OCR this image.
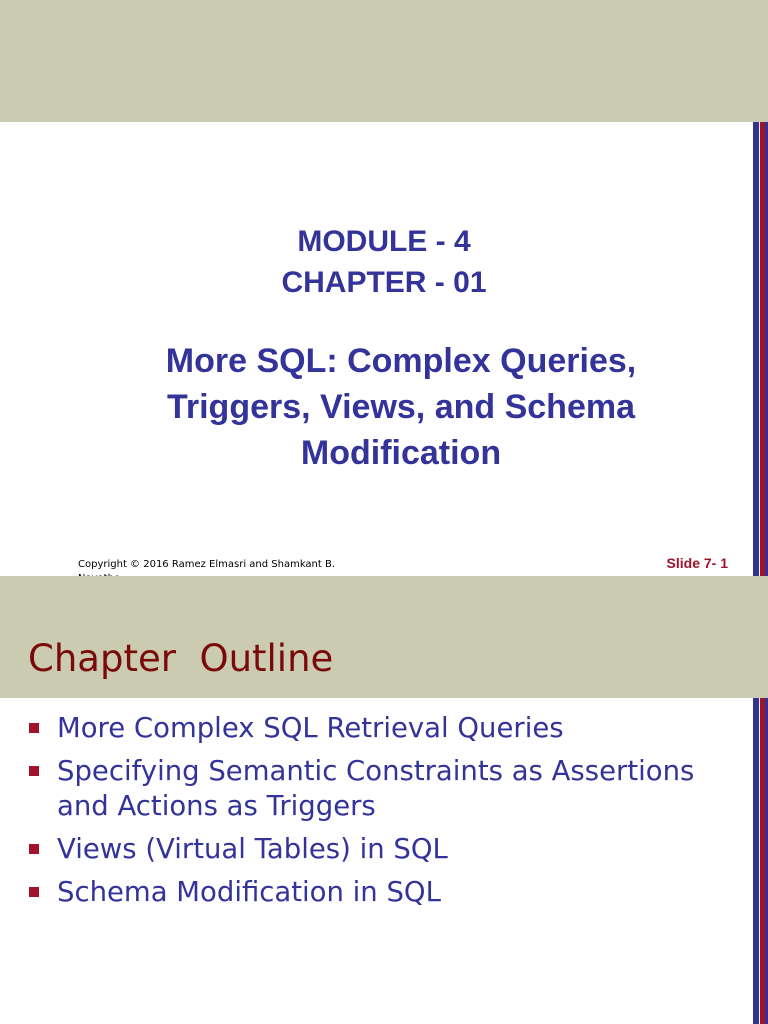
MODULE - 4
CHAPTER - 01
More SQL: Complex Queries, Triggers, Views, and Schema Modification
Copyright © 2016 Ramez Elmasri and Shamkant B.	Slide 7- 1
Chapter  Outline
More Complex SQL Retrieval Queries
Specifying Semantic Constraints as Assertions and Actions as Triggers
Views (Virtual Tables) in SQL
Schema Modification in SQL
